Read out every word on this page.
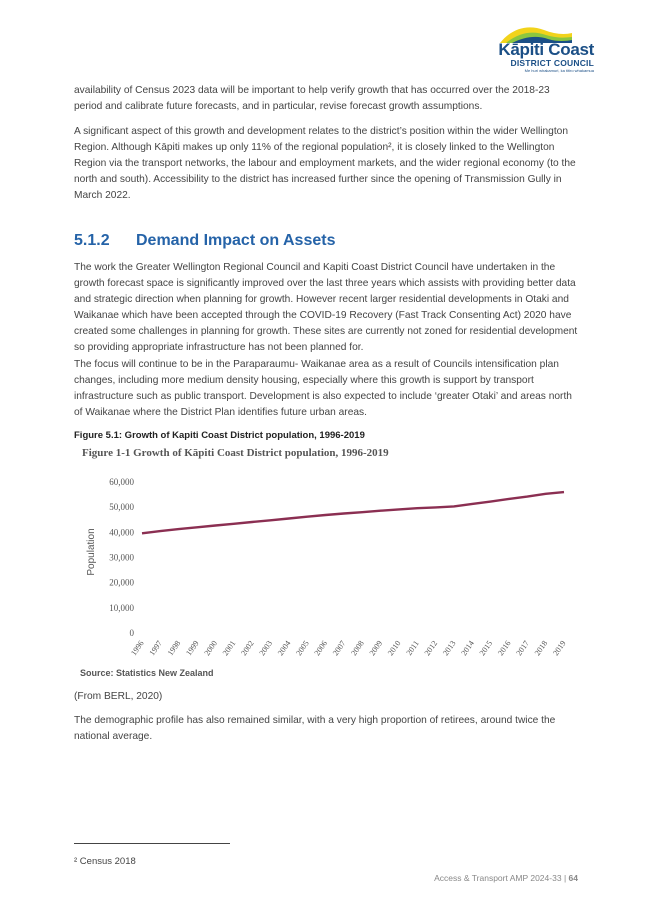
Kāpiti Coast
DISTRICT COUNCIL
Me huri whakamuri, ka titiro whakamua

availability of Census 2023 data will be important to help verify growth that has occurred over the 2018-23 period and calibrate future forecasts, and in particular, revise forecast growth assumptions.

A significant aspect of this growth and development relates to the district’s position within the wider Wellington Region. Although Kāpiti makes up only 11% of the regional population², it is closely linked to the Wellington Region via the transport networks, the labour and employment markets, and the wider regional economy (to the north and south). Accessibility to the district has increased further since the opening of Transmission Gully in March 2022.

5.1.2 Demand Impact on Assets

The work the Greater Wellington Regional Council and Kapiti Coast District Council have undertaken in the growth forecast space is significantly improved over the last three years which assists with providing better data and strategic direction when planning for growth. However recent larger residential developments in Otaki and Waikanae which have been accepted through the COVID-19 Recovery (Fast Track Consenting Act) 2020 have created some challenges in planning for growth. These sites are currently not zoned for residential development so providing appropriate infrastructure has not been planned for.

The focus will continue to be in the Paraparaumu- Waikanae area as a result of Councils intensification plan changes, including more medium density housing, especially where this growth is support by transport infrastructure such as public transport. Development is also expected to include ‘greater Otaki’ and areas north of Waikanae where the District Plan identifies future urban areas.

Figure 5.1: Growth of Kapiti Coast District population, 1996-2019
Figure 1-1 Growth of Kāpiti Coast District population, 1996-2019
0
10,000
20,000
30,000
40,000
50,000
60,000
1996 1997 1998 1999 2000 2001 2002 2003 2004 2005 2006 2007 2008 2009 2010 2011 2012 2013 2014 2015 2016 2017 2018 2019
Population
Source: Statistics New Zealand

(From BERL, 2020)

The demographic profile has also remained similar, with a very high proportion of retirees, around twice the national average.

² Census 2018
Access & Transport AMP 2024-33 | 64
